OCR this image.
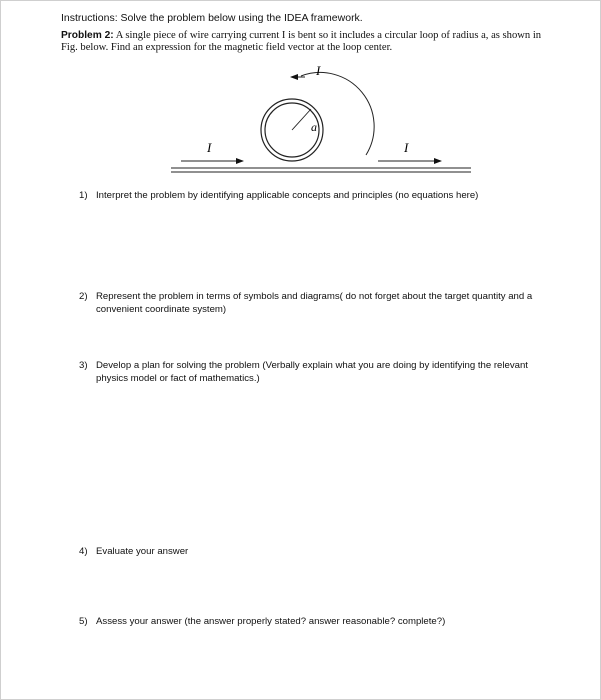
Instructions: Solve the problem below using the IDEA framework.
Problem 2: A single piece of wire carrying current I is bent so it includes a circular loop of radius a, as shown in Fig. below. Find an expression for the magnetic field vector at the loop center.
a
I
I	I
1) Interpret the problem by identifying applicable concepts and principles (no equations here)
2) Represent the problem in terms of symbols and diagrams( do not forget about the target quantity and a convenient coordinate system)
3) Develop a plan for solving the problem (Verbally explain what you are doing by identifying the relevant physics model or fact of mathematics.)
4) Evaluate your answer
5) Assess your answer (the answer properly stated? answer reasonable? complete?)
